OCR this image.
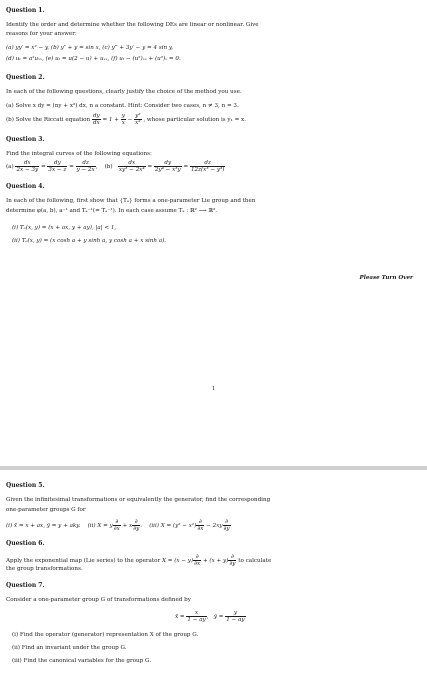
Question 1.
Identify the order and determine whether the following DEs are linear or nonlinear. Give
reasons for your answer:
(a) yy′ = x² − y, (b) y″ + y = sin x, (c) y‴ + 3y′ − y = 4 sin y,
(d) uₜ = a²uₓₓ, (e) uₜ = u(2 − u) + uₓₓ, (f) uₜ − (u²)ₓₓ + (u³)ₓ = 0.
Question 2.
In each of the following questions, clearly justify the choice of the method you use.
(a) Solve x dy = (ny + x²) dx, n a constant. Hint: Consider two cases, n ≠ 3, n = 3.
(b) Solve the Riccati equation $\frac{dy}{dx} = 1 + \frac{y}{x} - \frac{\text{y²}}{\text{x²}}$ , whose particular solution is y₁ = x.
Question 3.
Find the integral curves of the following equations:
$(a) \frac{dx}{2x - 3y} = \frac{dy}{3x - z} = \frac{dz}{y - 2x}$ ,    $(b) \frac{dx}{\text{xy³ − 2x⁴}} = \frac{dy}{\text{2y⁴ − x³y}} = \frac{dz}{\text{12z(x³ − y³)}}$
Question 4.
In each of the following, first show that {Tₐ} forms a one-parameter Lie group and then
determine φ(a, b), a⁻¹ and Tₐ⁻¹(= Tₐ⁻¹). In each case assume Tₐ : ℝ² ⟶ ℝ².
(i) Tₐ(x, y) = (x + ax, y + ay), |a| < 1,
(ii) Tₐ(x, y) = (x cosh a + y sinh a, y cosh a + x sinh a).
Please Turn Over
1
Question 5.
Given the infinitesimal transformations or equivalently the generator, find the corresponding
one-parameter groups G for
(i) x̄ = x + ax, ȳ = y + aky. (ii) X = y $\frac{\partial}{\partial x} + x \frac{\partial}{\partial y}$ .    (iii) $X = (y^2 - x^2) \frac{\partial}{\partial x} - 2xy \frac{\partial}{\partial y}$
Question 6.
Apply the exponential map (Lie series) to the operator $X = (x - y) \frac{\partial}{\partial x} + (x + y) \frac{\partial}{\partial y}$ to calculate
the group transformations.
Question 7.
Consider a one-parameter group G of transformations defined by
x̄ = $\frac{x}{1 - ay}$ ,   ȳ = $\frac{y}{1 - ay}$
(i) Find the operator (generator) representation X of the group G.
(ii) Find an invariant under the group G.
(iii) Find the canonical variables for the group G.
